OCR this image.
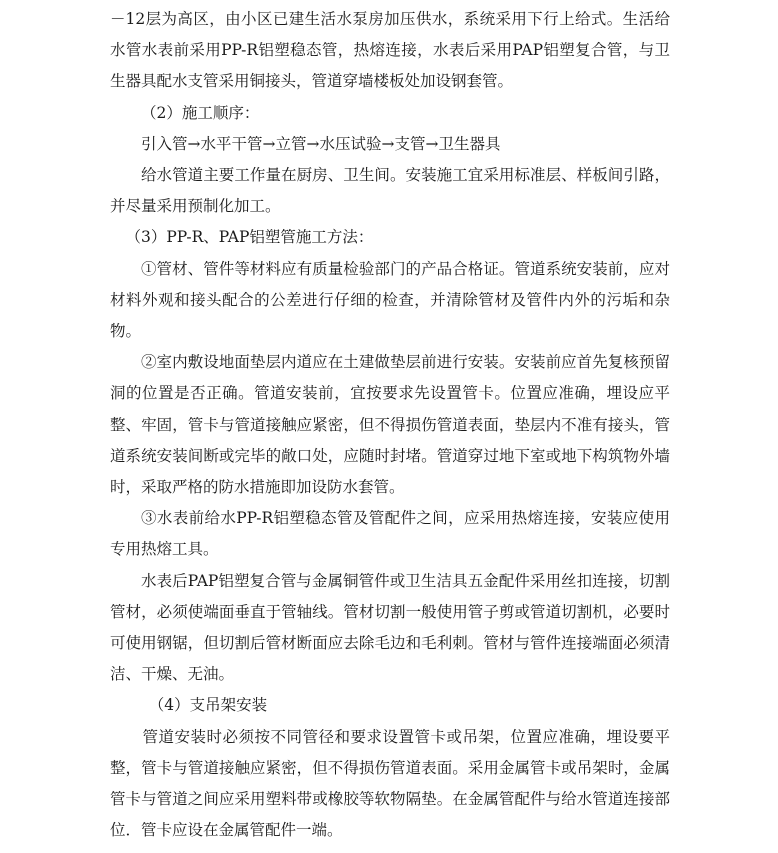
－12层为高区，由小区已建生活水泵房加压供水，系统采用下行上给式。生活给水管水表前采用PP-R铝塑稳态管，热熔连接，水表后采用PAP铝塑复合管，与卫生器具配水支管采用铜接头，管道穿墙楼板处加设钢套管。

（2）施工顺序：

引入管→水平干管→立管→水压试验→支管→卫生器具

给水管道主要工作量在厨房、卫生间。安装施工宜采用标准层、样板间引路，并尽量采用预制化加工。

（3）PP-R、PAP铝塑管施工方法：

①管材、管件等材料应有质量检验部门的产品合格证。管道系统安装前，应对材料外观和接头配合的公差进行仔细的检查，并清除管材及管件内外的污垢和杂物。

②室内敷设地面垫层内道应在土建做垫层前进行安装。安装前应首先复核预留洞的位置是否正确。管道安装前，宜按要求先设置管卡。位置应准确，埋设应平整、牢固，管卡与管道接触应紧密，但不得损伤管道表面，垫层内不准有接头，管道系统安装间断或完毕的敞口处，应随时封堵。管道穿过地下室或地下构筑物外墙时，采取严格的防水措施即加设防水套管。

③水表前给水PP-R铝塑稳态管及管配件之间，应采用热熔连接，安装应使用专用热熔工具。

水表后PAP铝塑复合管与金属铜管件或卫生洁具五金配件采用丝扣连接，切割管材，必须使端面垂直于管轴线。管材切割一般使用管子剪或管道切割机，必要时可使用钢锯，但切割后管材断面应去除毛边和毛利刺。管材与管件连接端面必须清洁、干燥、无油。

（4）支吊架安装

管道安装时必须按不同管径和要求设置管卡或吊架，位置应准确，埋设要平整，管卡与管道接触应紧密，但不得损伤管道表面。采用金属管卡或吊架时，金属管卡与管道之间应采用塑料带或橡胶等软物隔垫。在金属管配件与给水管道连接部位．管卡应设在金属管配件一端。
